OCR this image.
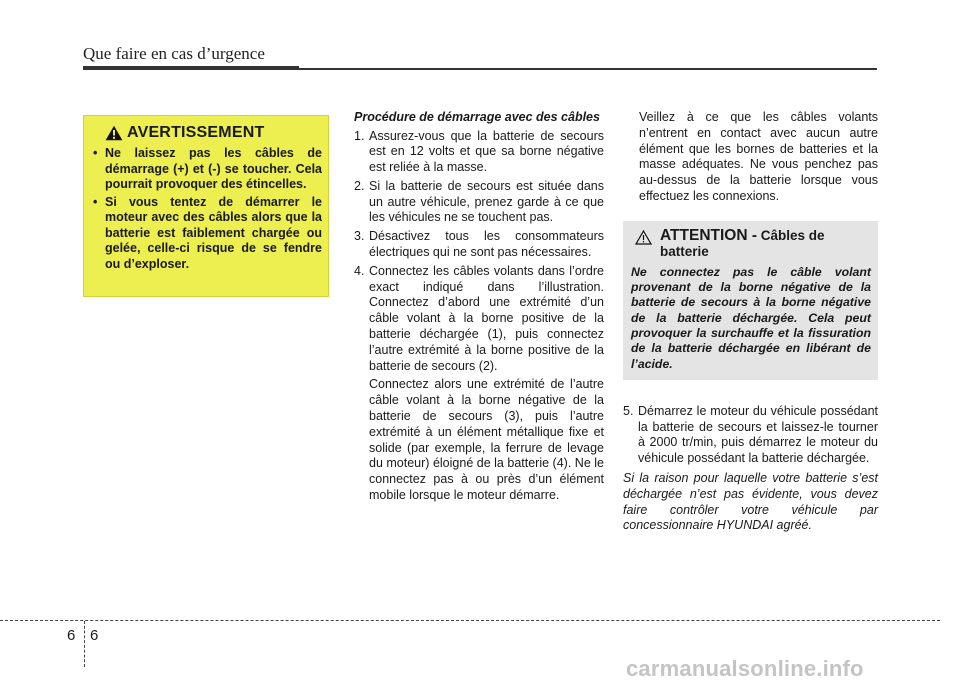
Que faire en cas d’urgence
AVERTISSEMENT
• Ne laissez pas les câbles de démarrage (+) et (-) se toucher. Cela pourrait provoquer des étincelles.
• Si vous tentez de démarrer le moteur avec des câbles alors que la batterie est faiblement chargée ou gelée, celle-ci risque de se fendre ou d’exploser.
Procédure de démarrage avec des câbles
1. Assurez-vous que la batterie de secours est en 12 volts et que sa borne négative est reliée à la masse.
2. Si la batterie de secours est située dans un autre véhicule, prenez garde à ce que les véhicules ne se touchent pas.
3. Désactivez tous les consommateurs électriques qui ne sont pas nécessaires.
4. Connectez les câbles volants dans l’ordre exact indiqué dans l’illustration. Connectez d’abord une extrémité d’un câble volant à la borne positive de la batterie déchargée (1), puis connectez l’autre extrémité à la borne positive de la batterie de secours (2).
Connectez alors une extrémité de l’autre câble volant à la borne négative de la batterie de secours (3), puis l’autre extrémité à un élément métallique fixe et solide (par exemple, la ferrure de levage du moteur) éloigné de la batterie (4). Ne le connectez pas à ou près d’un élément mobile lorsque le moteur démarre.

Veillez à ce que les câbles volants n’entrent en contact avec aucun autre élément que les bornes de batteries et la masse adéquates. Ne vous penchez pas au-dessus de la batterie lorsque vous effectuez les connexions.

ATTENTION - Câbles de batterie
Ne connectez pas le câble volant provenant de la borne négative de la batterie de secours à la borne négative de la batterie déchargée. Cela peut provoquer la surchauffe et la fissuration de la batterie déchargée en libérant de l’acide.
5. Démarrez le moteur du véhicule possédant la batterie de secours et laissez-le tourner à 2000 tr/min, puis démarrez le moteur du véhicule possédant la batterie déchargée.
Si la raison pour laquelle votre batterie s’est déchargée n’est pas évidente, vous devez faire contrôler votre véhicule par concessionnaire HYUNDAI agréé.
6 6
carmanualsonline.info
